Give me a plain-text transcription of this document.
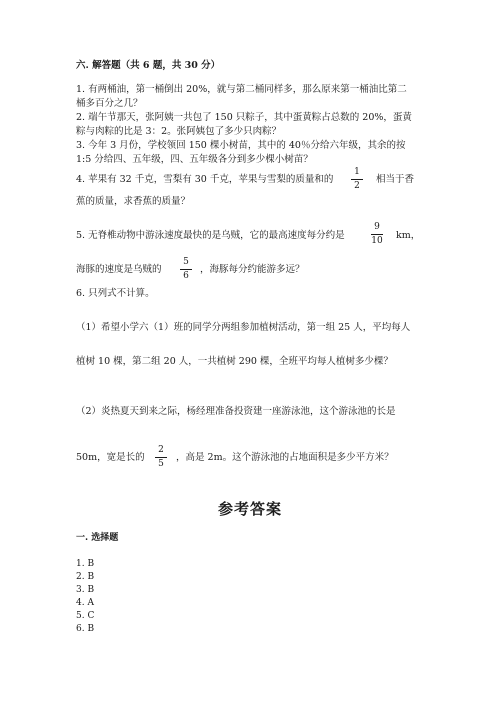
六. 解答题（共 6 题，共 30 分）
1. 有两桶油，第一桶倒出 20%，就与第二桶同样多，那么原来第一桶油比第二
桶多百分之几？
2. 端午节那天，张阿姨一共包了 150 只粽子，其中蛋黄粽占总数的 20%，蛋黄
粽与肉粽的比是 3：2。张阿姨包了多少只肉粽？
3. 今年 3 月份，学校领回 150 棵小树苗，其中的 40％分给六年级，其余的按
1:5 分给四、五年级，四、五年级各分到多少棵小树苗？
4. 苹果有 32 千克，雪梨有 30 千克，苹果与雪梨的质量和的
1
2
相当于香
蕉的质量，求香蕉的质量？
5. 无脊椎动物中游泳速度最快的是乌贼，它的最高速度每分约是
9
10 km，
海豚的速度是乌贼的
5
6
，海豚每分约能游多远？
6. 只列式不计算。
（1）希望小学六（1）班的同学分两组参加植树活动，第一组 25 人，平均每人
植树 10 棵，第二组 20 人，一共植树 290 棵，全班平均每人植树多少棵？
（2）炎热夏天到来之际，杨经理准备投资建一座游泳池，这个游泳池的长是
50m，宽是长的
2
5
，高是 2m。这个游泳池的占地面积是多少平方米？
参考答案
一. 选择题
1. B
2. B
3. B
4. A
5. C
6. B
